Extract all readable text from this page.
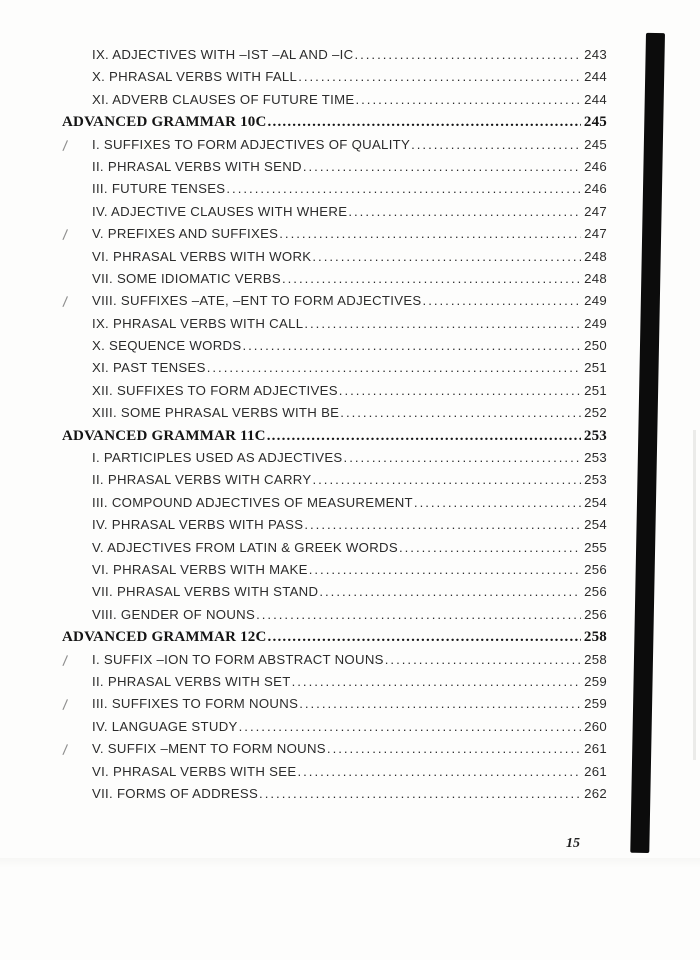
IX. ADJECTIVES WITH –IST –AL AND –IC .....	243
X. PHRASAL VERBS WITH FALL .....	244
XI. ADVERB CLAUSES OF FUTURE TIME .....	244
ADVANCED GRAMMAR 10C .....	245
/ I. SUFFIXES TO FORM ADJECTIVES OF QUALITY .....	245
II. PHRASAL VERBS WITH SEND .....	246
III. FUTURE TENSES .....	246
IV. ADJECTIVE CLAUSES WITH WHERE .....	247
/ V. PREFIXES AND SUFFIXES .....	247
VI. PHRASAL VERBS WITH WORK .....	248
VII. SOME IDIOMATIC VERBS .....	248
/ VIII. SUFFIXES –ATE, –ENT TO FORM ADJECTIVES .....	249
IX. PHRASAL VERBS WITH CALL .....	249
X. SEQUENCE WORDS .....	250
XI. PAST TENSES .....	251
XII. SUFFIXES TO FORM ADJECTIVES .....	251
XIII. SOME PHRASAL VERBS WITH BE .....	252
ADVANCED GRAMMAR 11C .....	253
I. PARTICIPLES USED AS ADJECTIVES .....	253
II. PHRASAL VERBS WITH CARRY .....	253
III. COMPOUND ADJECTIVES OF MEASUREMENT .....	254
IV. PHRASAL VERBS WITH PASS .....	254
V. ADJECTIVES FROM LATIN & GREEK WORDS .....	255
VI. PHRASAL VERBS WITH MAKE .....	256
VII. PHRASAL VERBS WITH STAND .....	256
VIII. GENDER OF NOUNS .....	256
ADVANCED GRAMMAR 12C .....	258
/ I. SUFFIX –ION TO FORM ABSTRACT NOUNS .....	258
II. PHRASAL VERBS WITH SET .....	259
/ III. SUFFIXES TO FORM NOUNS .....	259
IV. LANGUAGE STUDY .....	260
/ V. SUFFIX –MENT TO FORM NOUNS .....	261
VI. PHRASAL VERBS WITH SEE .....	261
VII. FORMS OF ADDRESS .....	262
15
